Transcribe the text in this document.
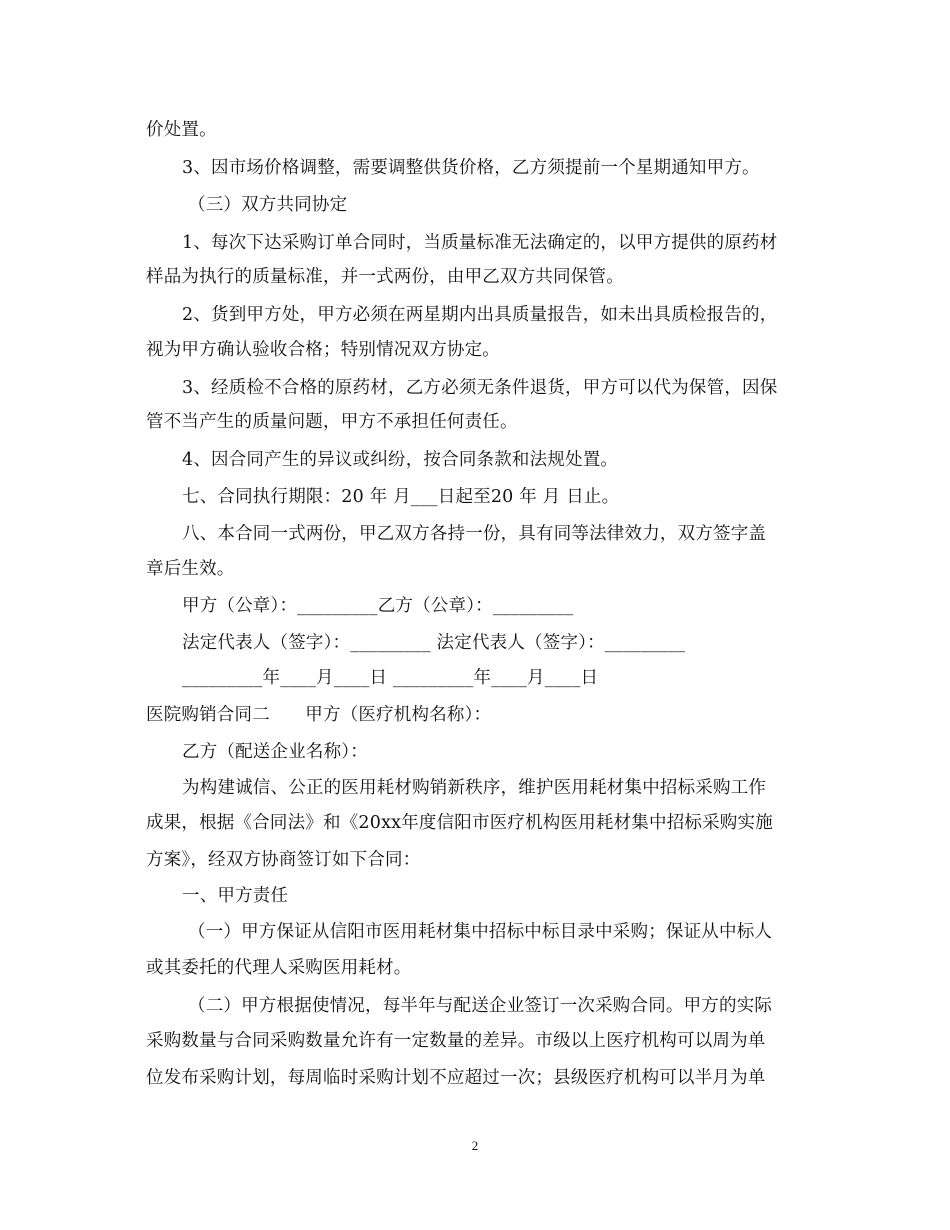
价处置。
3、因市场价格调整，需要调整供货价格，乙方须提前一个星期通知甲方。
（三）双方共同协定
1、每次下达采购订单合同时，当质量标准无法确定的，以甲方提供的原药材
样品为执行的质量标准，并一式两份，由甲乙双方共同保管。
2、货到甲方处，甲方必须在两星期内出具质量报告，如未出具质检报告的，
视为甲方确认验收合格；特别情况双方协定。
3、经质检不合格的原药材，乙方必须无条件退货，甲方可以代为保管，因保
管不当产生的质量问题，甲方不承担任何责任。
4、因合同产生的异议或纠纷，按合同条款和法规处置。
七、合同执行期限：20 年 月___日起至20 年 月 日止。
八、本合同一式两份，甲乙双方各持一份，具有同等法律效力，双方签字盖
章后生效。
甲方（公章）：_________乙方（公章）：_________
法定代表人（签字）：_________ 法定代表人（签字）：_________
_________年____月____日 _________年____月____日
医院购销合同二　　甲方（医疗机构名称）：
乙方（配送企业名称）：
为构建诚信、公正的医用耗材购销新秩序，维护医用耗材集中招标采购工作
成果，根据《合同法》和《20xx年度信阳市医疗机构医用耗材集中招标采购实施
方案》，经双方协商签订如下合同：
一、甲方责任
（一）甲方保证从信阳市医用耗材集中招标中标目录中采购；保证从中标人
或其委托的代理人采购医用耗材。
（二）甲方根据使情况，每半年与配送企业签订一次采购合同。甲方的实际
采购数量与合同采购数量允许有一定数量的差异。市级以上医疗机构可以周为单
位发布采购计划，每周临时采购计划不应超过一次；县级医疗机构可以半月为单
2
